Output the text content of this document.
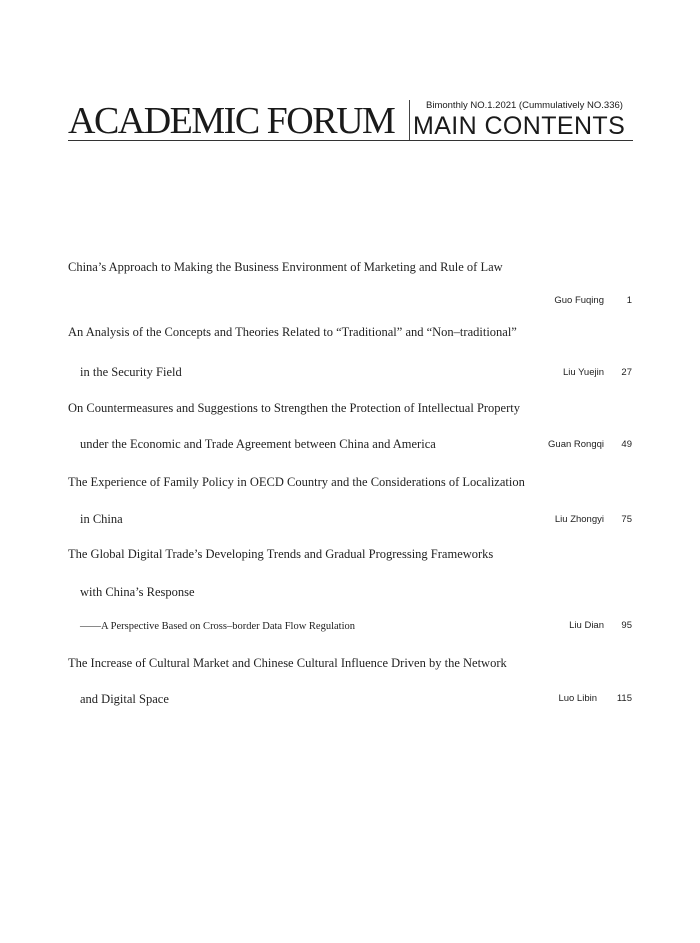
ACADEMIC FORUM	Bimonthly NO.1.2021 (Cummulatively NO.336)
MAIN CONTENTS
China’s Approach to Making the Business Environment of Marketing and Rule of Law
Guo Fuqing	1
An Analysis of the Concepts and Theories Related to “Traditional” and “Non–traditional”
in the Security Field	Liu Yuejin	27
On Countermeasures and Suggestions to Strengthen the Protection of Intellectual Property
under the Economic and Trade Agreement between China and America	Guan Rongqi	49
The Experience of Family Policy in OECD Country and the Considerations of Localization
in China	Liu Zhongyi	75
The Global Digital Trade’s Developing Trends and Gradual Progressing Frameworks
with China’s Response
——A Perspective Based on Cross–border Data Flow Regulation	Liu Dian	95
The Increase of Cultural Market and Chinese Cultural Influence Driven by the Network
and Digital Space	Luo Libin	115
